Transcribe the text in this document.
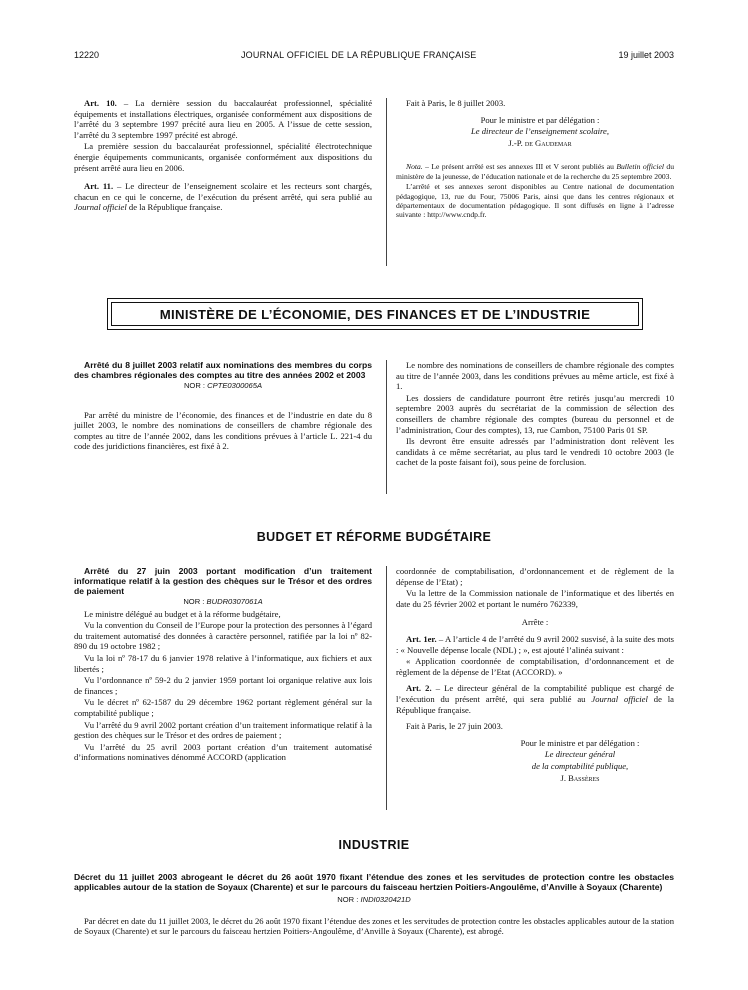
12220	JOURNAL OFFICIEL DE LA RÉPUBLIQUE FRANÇAISE	19 juillet 2003

Art. 10. – La dernière session du baccalauréat professionnel, spécialité équipements et installations électriques, organisée conformément aux dispositions de l’arrêté du 3 septembre 1997 précité aura lieu en 2005. A l’issue de cette session, l’arrêté du 3 septembre 1997 précité est abrogé.

La première session du baccalauréat professionnel, spécialité électrotechnique énergie équipements communicants, organisée conformément aux dispositions du présent arrêté aura lieu en 2006.

Art. 11. – Le directeur de l’enseignement scolaire et les recteurs sont chargés, chacun en ce qui le concerne, de l’exécution du présent arrêté, qui sera publié au Journal officiel de la République française.

Fait à Paris, le 8 juillet 2003.

Pour le ministre et par délégation :

Le directeur de l’enseignement scolaire,

J.-P. de Gaudemar

Nota. – Le présent arrêté est ses annexes III et V seront publiés au Bulletin officiel du ministère de la jeunesse, de l’éducation nationale et de la recherche du 25 septembre 2003.

L’arrêté et ses annexes seront disponibles au Centre national de documentation pédagogique, 13, rue du Four, 75006 Paris, ainsi que dans les centres régionaux et départementaux de documentation pédagogique. Il sont diffusés en ligne à l’adresse suivante : http://www.cndp.fr.

MINISTÈRE DE L’ÉCONOMIE, DES FINANCES ET DE L’INDUSTRIE

Arrêté du 8 juillet 2003 relatif aux nominations des membres du corps des chambres régionales des comptes au titre des années 2002 et 2003

NOR : CPTE0300065A

Par arrêté du ministre de l’économie, des finances et de l’industrie en date du 8 juillet 2003, le nombre des nominations de conseillers de chambre régionale des comptes au titre de l’année 2002, dans les conditions prévues à l’article L. 221-4 du code des juridictions financières, est fixé à 2.

Le nombre des nominations de conseillers de chambre régionale des comptes au titre de l’année 2003, dans les conditions prévues au même article, est fixé à 1.

Les dossiers de candidature pourront être retirés jusqu’au mercredi 10 septembre 2003 auprès du secrétariat de la commission de sélection des conseillers de chambre régionale des comptes (bureau du personnel et de l’administration, Cour des comptes), 13, rue Cambon, 75100 Paris 01 SP.

Ils devront être ensuite adressés par l’administration dont relèvent les candidats à ce même secrétariat, au plus tard le vendredi 10 octobre 2003 (le cachet de la poste faisant foi), sous peine de forclusion.

BUDGET ET RÉFORME BUDGÉTAIRE

Arrêté du 27 juin 2003 portant modification d’un traitement informatique relatif à la gestion des chèques sur le Trésor et des ordres de paiement

NOR : BUDR0307061A

Le ministre délégué au budget et à la réforme budgétaire,

Vu la convention du Conseil de l’Europe pour la protection des personnes à l’égard du traitement automatisé des données à caractère personnel, ratifiée par la loi nº 82-890 du 19 octobre 1982 ;

Vu la loi nº 78-17 du 6 janvier 1978 relative à l’informatique, aux fichiers et aux libertés ;

Vu l’ordonnance nº 59-2 du 2 janvier 1959 portant loi organique relative aux lois de finances ;

Vu le décret nº 62-1587 du 29 décembre 1962 portant règlement général sur la comptabilité publique ;

Vu l’arrêté du 9 avril 2002 portant création d’un traitement informatique relatif à la gestion des chèques sur le Trésor et des ordres de paiement ;

Vu l’arrêté du 25 avril 2003 portant création d’un traitement automatisé d’informations nominatives dénommé ACCORD (application

coordonnée de comptabilisation, d’ordonnancement et de règlement de la dépense de l’Etat) ;

Vu la lettre de la Commission nationale de l’informatique et des libertés en date du 25 février 2002 et portant le numéro 762339,

Arrête :

Art. 1er. – A l’article 4 de l’arrêté du 9 avril 2002 susvisé, à la suite des mots : « Nouvelle dépense locale (NDL) ; », est ajouté l’alinéa suivant :

« Application coordonnée de comptabilisation, d’ordonnancement et de règlement de la dépense de l’Etat (ACCORD). »

Art. 2. – Le directeur général de la comptabilité publique est chargé de l’exécution du présent arrêté, qui sera publié au Journal officiel de la République française.

Fait à Paris, le 27 juin 2003.

Pour le ministre et par délégation :

Le directeur général

de la comptabilité publique,

J. Bassères

INDUSTRIE

Décret du 11 juillet 2003 abrogeant le décret du 26 août 1970 fixant l’étendue des zones et les servitudes de protection contre les obstacles applicables autour de la station de Soyaux (Charente) et sur le parcours du faisceau hertzien Poitiers-Angoulême, d’Anville à Soyaux (Charente)

NOR : INDI0320421D

Par décret en date du 11 juillet 2003, le décret du 26 août 1970 fixant l’étendue des zones et les servitudes de protection contre les obstacles applicables autour de la station de Soyaux (Charente) et sur le parcours du faisceau hertzien Poitiers-Angoulême, d’Anville à Soyaux (Charente), est abrogé.
